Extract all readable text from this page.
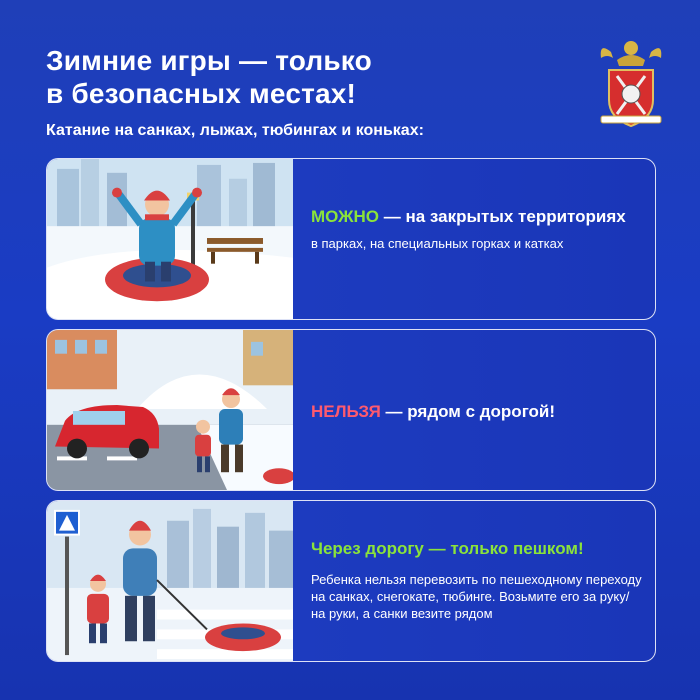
Зимние игры — только
в безопасных местах!
Катание на санках, лыжах, тюбингах и коньках:
МОЖНО — на закрытых территориях
в парках, на специальных горках и катках
НЕЛЬЗЯ — рядом с дорогой!
Через дорогу — только пешком!
Ребенка нельзя перевозить по пешеходному переходу на санках, снегокате, тюбинге. Возьмите его за руку/ на руки, а санки везите рядом
